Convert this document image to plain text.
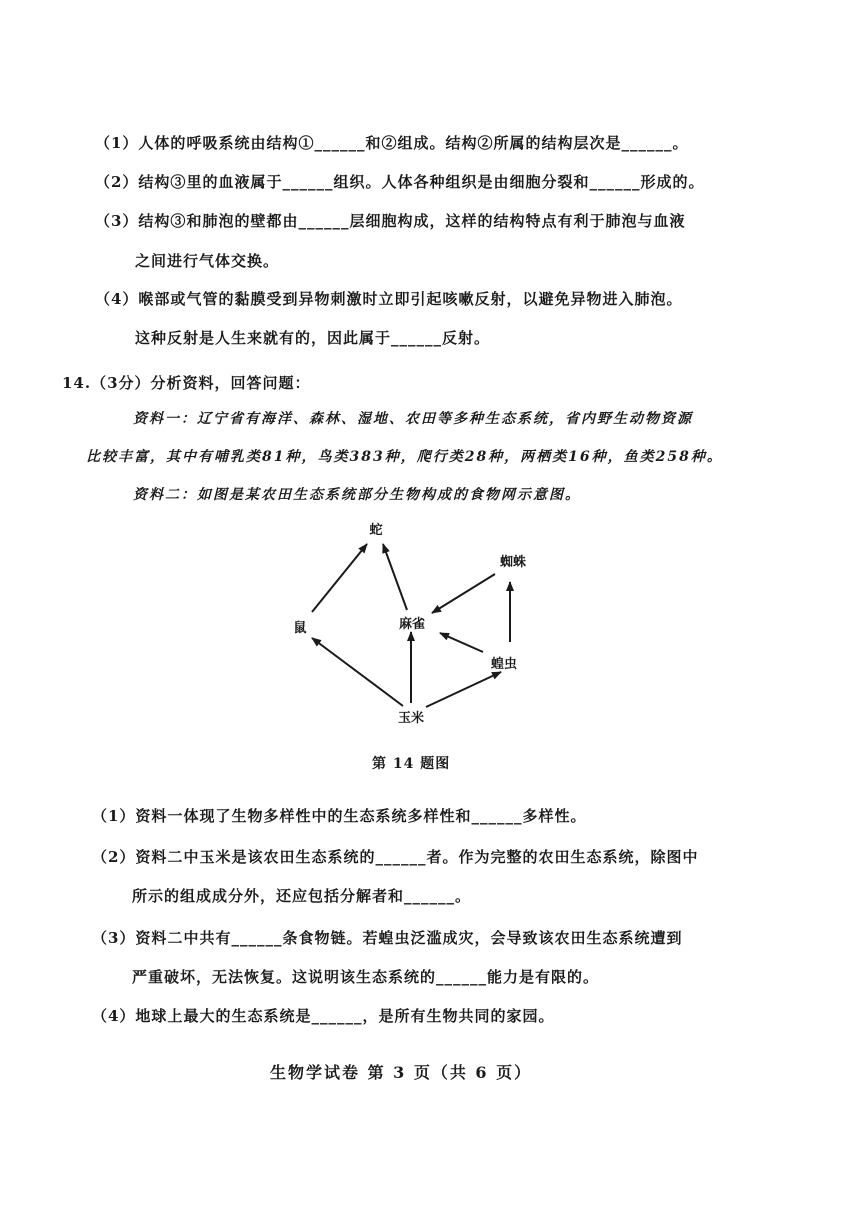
（1）人体的呼吸系统由结构①______和②组成。结构②所属的结构层次是______。
（2）结构③里的血液属于______组织。人体各种组织是由细胞分裂和______形成的。
（3）结构③和肺泡的壁都由______层细胞构成，这样的结构特点有利于肺泡与血液
之间进行气体交换。
（4）喉部或气管的黏膜受到异物刺激时立即引起咳嗽反射，以避免异物进入肺泡。
这种反射是人生来就有的，因此属于______反射。
14.（3分）分析资料，回答问题：
资料一：辽宁省有海洋、森林、湿地、农田等多种生态系统，省内野生动物资源
比较丰富，其中有哺乳类81种，鸟类383种，爬行类28种，两栖类16种，鱼类258种。
资料二：如图是某农田生态系统部分生物构成的食物网示意图。
蛇
蜘蛛
鼠	麻雀
蝗虫
玉米
第 14 题图
（1）资料一体现了生物多样性中的生态系统多样性和______多样性。
（2）资料二中玉米是该农田生态系统的______者。作为完整的农田生态系统，除图中
所示的组成成分外，还应包括分解者和______。
（3）资料二中共有______条食物链。若蝗虫泛滥成灾，会导致该农田生态系统遭到
严重破坏，无法恢复。这说明该生态系统的______能力是有限的。
（4）地球上最大的生态系统是______，是所有生物共同的家园。
生物学试卷 第 3 页（共 6 页）
